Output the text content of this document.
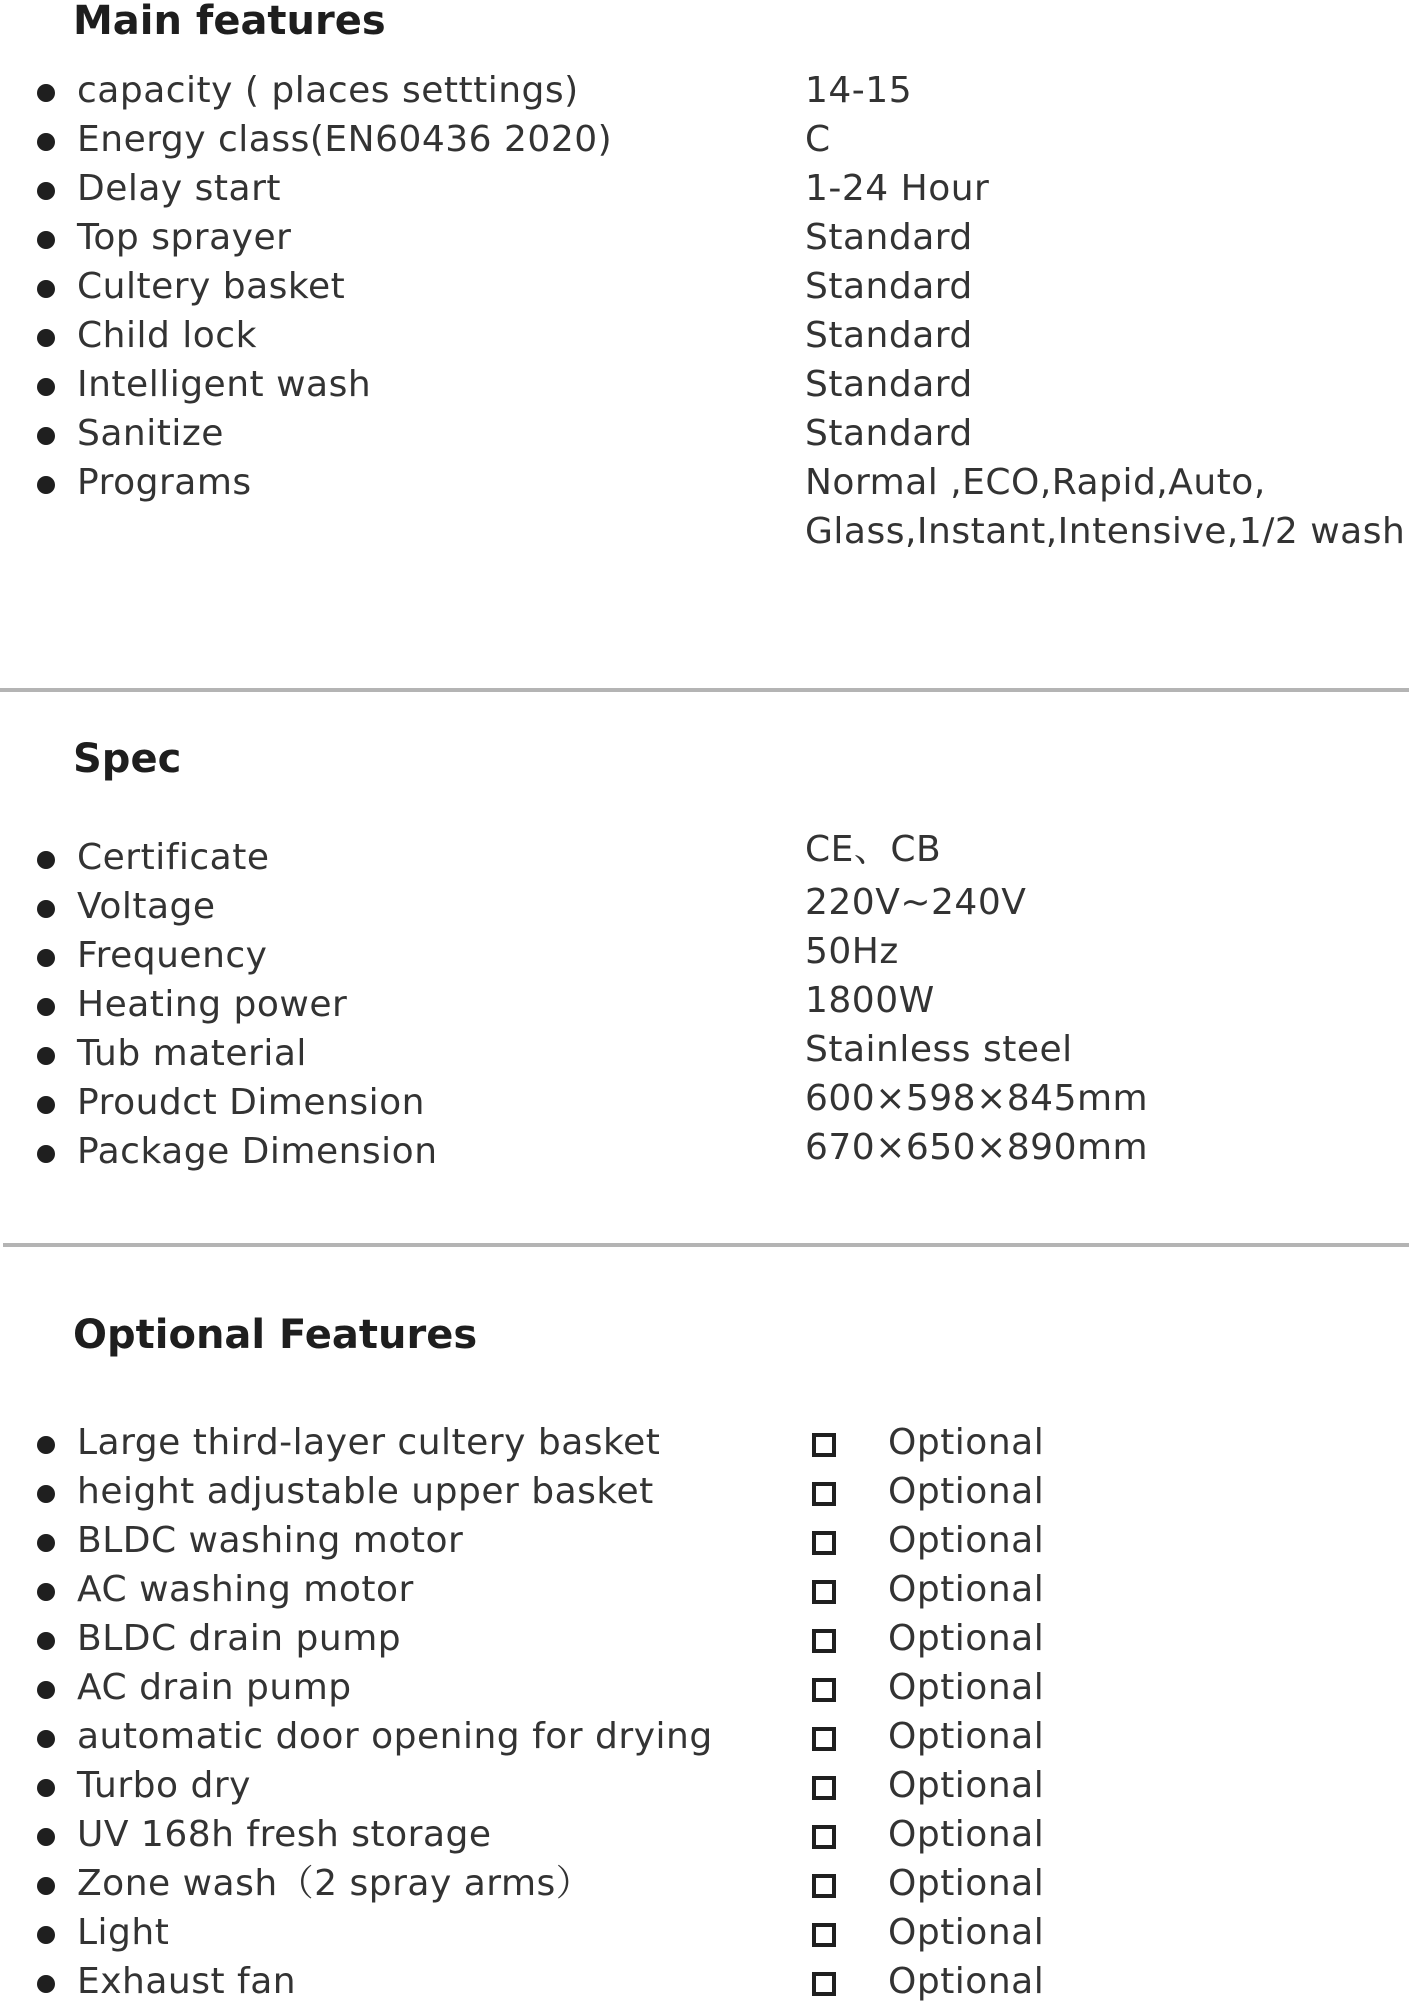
Main features
capacity ( places setttings)	14-15
Energy class(EN60436 2020)	C
Delay start	1-24 Hour
Top sprayer	Standard
Cultery basket	Standard
Child lock	Standard
Intelligent wash	Standard
Sanitize	Standard
Programs	Normal ,ECO,Rapid,Auto,
Glass,Instant,Intensive,1/2 wash
Spec
Certificate	CE、CB
Voltage	220V~240V
Frequency	50Hz
Heating power	1800W
Tub material	Stainless steel
Proudct Dimension	600×598×845mm
Package Dimension	670×650×890mm
Optional Features
Large third-layer cultery basket	Optional
height adjustable upper basket	Optional
BLDC washing motor	Optional
AC washing motor	Optional
BLDC drain pump	Optional
AC drain pump	Optional
automatic door opening for drying	Optional
Turbo dry	Optional
UV 168h fresh storage	Optional
Zone wash（2 spray arms）	Optional
Light	Optional
Exhaust fan	Optional
